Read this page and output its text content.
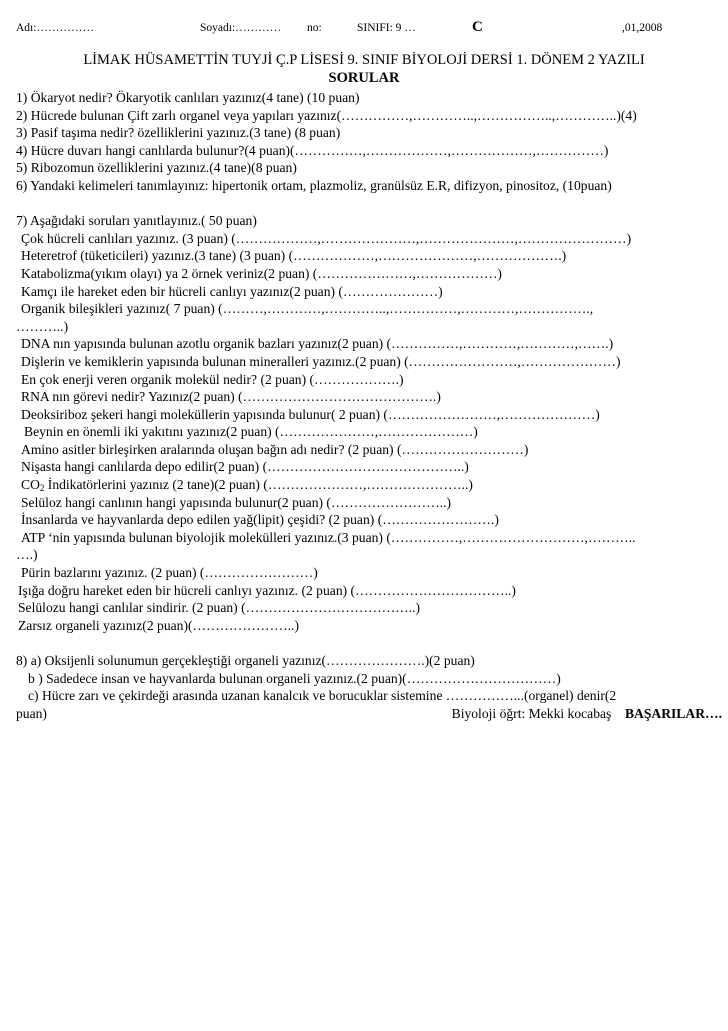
Adı:……………	Soyadı:………… no:	SINIFI: 9 …	C	,01,2008
LİMAK HÜSAMETTİN TUYJİ Ç.P LİSESİ 9. SINIF BİYOLOJİ DERSİ 1. DÖNEM 2 YAZILI
SORULAR
1) Ökaryot nedir? Ökaryotik canlıları yazınız(4 tane) (10 puan)
2) Hücrede bulunan Çift zarlı organel veya yapıları yazınız(……………,…………..,……………..,…………..)(4)
3) Pasif taşıma nedir? özelliklerini yazınız.(3 tane) (8 puan)
4) Hücre duvarı hangi canlılarda bulunur?(4 puan)(……………,………………,………………,……………)
5) Ribozomun özelliklerini yazınız.(4 tane)(8 puan)
6) Yandaki kelimeleri tanımlayınız: hipertonik ortam, plazmoliz, granülsüz E.R, difizyon, pinositoz, (10puan)
7) Aşağıdaki soruları yanıtlayınız.( 50 puan)
Çok hücreli canlıları yazınız. (3 puan) (………………,…………………,…………………,……………………)
Heteretrof (tüketicileri) yazınız.(3 tane) (3 puan) (………………,…………………,……………….)
Katabolizma(yıkım olayı) ya 2 örnek veriniz(2 puan) (…………………,………………)
Kamçı ile hareket eden bir hücreli canlıyı yazınız(2 puan) (…………………)
Organik bileşikleri yazınız( 7 puan) (………,…………,…………..,……………,…………,…………….,
………..)
DNA nın yapısında bulunan azotlu organik bazları yazınız(2 puan) (……………,…………,…………,…….)
Dişlerin ve kemiklerin yapısında bulunan mineralleri yazınız.(2 puan) (……………………,…………………)
En çok enerji veren organik molekül nedir? (2 puan) (……………….)
RNA nın görevi nedir? Yazınız(2 puan) (…………………………………….)
Deoksiriboz şekeri hangi moleküllerin yapısında bulunur( 2 puan) (……………………,…………………)
Beynin en önemli iki yakıtını yazınız(2 puan) (…………………,…………………)
Amino asitler birleşirken aralarında oluşan bağın adı nedir? (2 puan) (………………………)
Nişasta hangi canlılarda depo edilir(2 puan) (……………………………………..)
$CO_2$ İndikatörlerini yazınız (2 tane)(2 puan) (…………………,…………………..)
Selüloz hangi canlının hangi yapısında bulunur(2 puan) (……………………..)
İnsanlarda ve hayvanlarda depo edilen yağ(lipit) çeşidi? (2 puan) (…………………….)
ATP ‘nin yapısında bulunan biyolojik molekülleri yazınız.(3 puan) (……………,………………………,………..
….)
Pürin bazlarını yazınız. (2 puan) (……………………)
Işığa doğru hareket eden bir hücreli canlıyı yazınız. (2 puan) (……………………………..)
Selülozu hangi canlılar sindirir. (2 puan) (………………………………..)
Zarsız organeli yazınız(2 puan)(…………………..)
8) a) Oksijenli solunumun gerçekleştiği organeli yazınız(………………….)(2 puan)
b ) Sadedece insan ve hayvanlarda bulunan organeli yazınız.(2 puan)(……………………………)
c) Hücre zarı ve çekirdeği arasında uzanan kanalcık ve borucuklar sistemine ……………...(organel) denir(2
puan)	Biyoloji öğrt: Mekki kocabaş BAŞARILAR….
